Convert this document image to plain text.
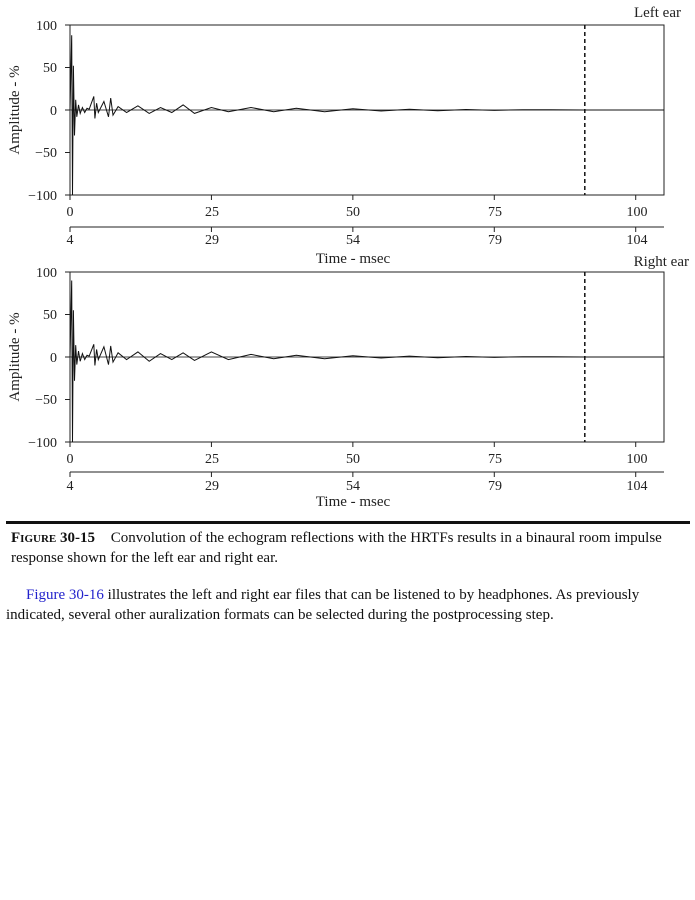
Left ear
Amplitude - %
100
50
0
−50
−100
0	25	50	75	100
4	29	54	79	104
Time - msec	Right ear
Amplitude - %
100
50
0
−50
−100
0	25	50	75	100
4	29	54	79	104
Time - msec
Figure 30-15 Convolution of the echogram reflections with the HRTFs results in a binaural room impulse response shown for the left ear and right ear.
Figure 30-16 illustrates the left and right ear files that can be listened to by headphones. As previously indicated, several other auralization formats can be selected during the postprocessing step.
